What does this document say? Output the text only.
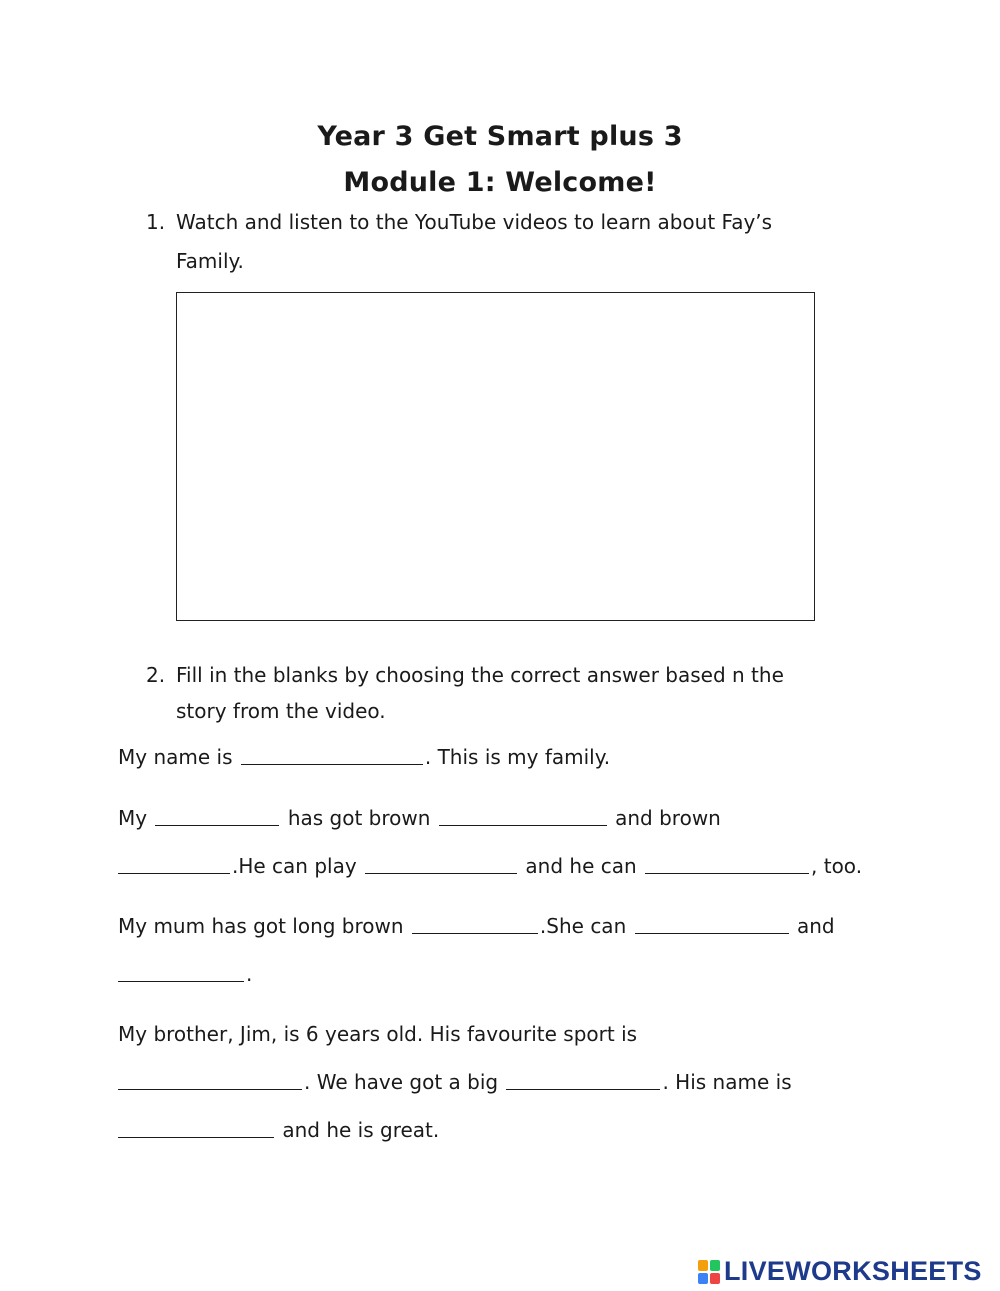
Year 3 Get Smart plus 3
Module 1: Welcome!
1. Watch and listen to the YouTube videos to learn about Fay’s
Family.
2. Fill in the blanks by choosing the correct answer based n the
story from the video.
My name is	. This is my family.
My	has got brown	and brown
.He can play	and he can	, too.
My mum has got long brown	.She can	and
.
My brother, Jim, is 6 years old. His favourite sport is
. We have got a big	. His name is
and he is great.
LIVEWORKSHEETS
